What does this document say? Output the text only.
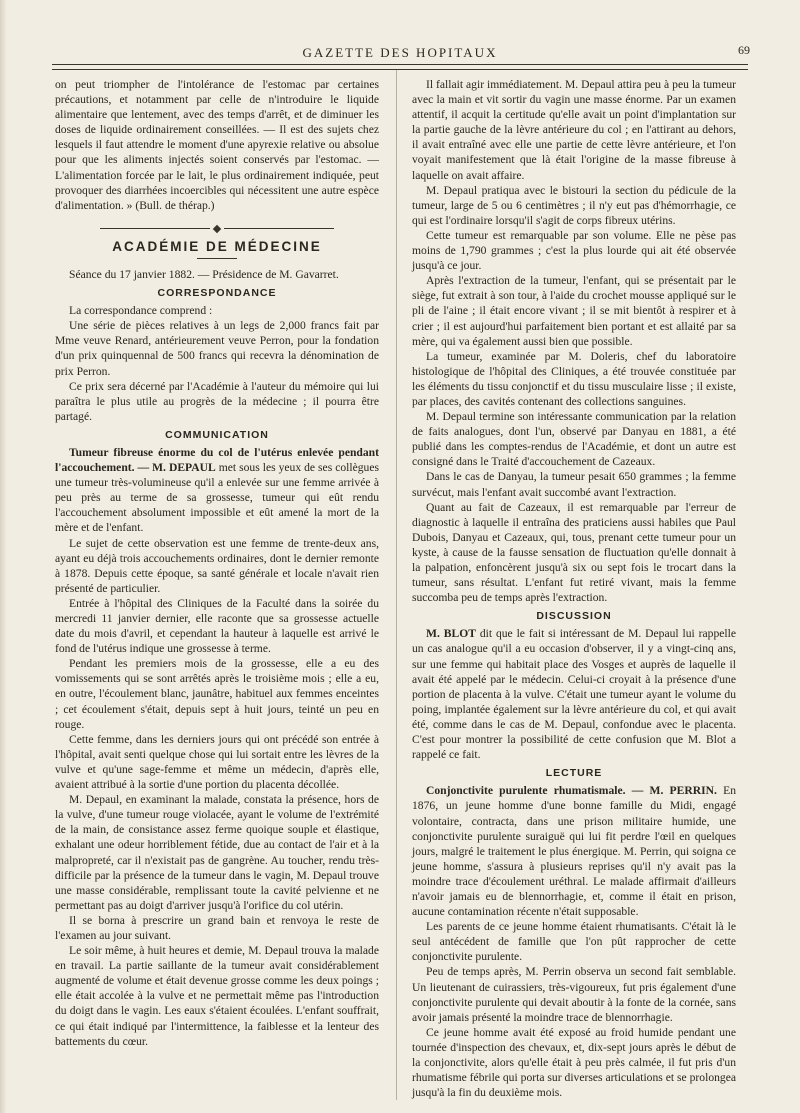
GAZETTE DES HOPITAUX	69

on peut triompher de l'intolérance de l'estomac par certaines précautions, et notamment par celle de n'introduire le liquide alimentaire que lentement, avec des temps d'arrêt, et de diminuer les doses de liquide ordinairement conseillées. — Il est des sujets chez lesquels il faut attendre le moment d'une apyrexie relative ou absolue pour que les aliments injectés soient conservés par l'estomac. — L'alimentation forcée par le lait, le plus ordinairement indiquée, peut provoquer des diarrhées incoercibles qui nécessitent une autre espèce d'alimentation. » (Bull. de thérap.)

ACADÉMIE DE MÉDECINE

Séance du 17 janvier 1882. — Présidence de M. Gavarret.

CORRESPONDANCE

La correspondance comprend :

Une série de pièces relatives à un legs de 2,000 francs fait par Mme veuve Renard, antérieurement veuve Perron, pour la fondation d'un prix quinquennal de 500 francs qui recevra la dénomination de prix Perron.

Ce prix sera décerné par l'Académie à l'auteur du mémoire qui lui paraîtra le plus utile au progrès de la médecine ; il pourra être partagé.

COMMUNICATION

Tumeur fibreuse énorme du col de l'utérus enlevée pendant l'accouchement. — M. DEPAUL met sous les yeux de ses collègues une tumeur très-volumineuse qu'il a enlevée sur une femme arrivée à peu près au terme de sa grossesse, tumeur qui eût rendu l'accouchement absolument impossible et eût amené la mort de la mère et de l'enfant.

Le sujet de cette observation est une femme de trente-deux ans, ayant eu déjà trois accouchements ordinaires, dont le dernier remonte à 1878. Depuis cette époque, sa santé générale et locale n'avait rien présenté de particulier.

Entrée à l'hôpital des Cliniques de la Faculté dans la soirée du mercredi 11 janvier dernier, elle raconte que sa grossesse actuelle date du mois d'avril, et cependant la hauteur à laquelle est arrivé le fond de l'utérus indique une grossesse à terme.

Pendant les premiers mois de la grossesse, elle a eu des vomissements qui se sont arrêtés après le troisième mois ; elle a eu, en outre, l'écoulement blanc, jaunâtre, habituel aux femmes enceintes ; cet écoulement s'était, depuis sept à huit jours, teinté un peu en rouge.

Cette femme, dans les derniers jours qui ont précédé son entrée à l'hôpital, avait senti quelque chose qui lui sortait entre les lèvres de la vulve et qu'une sage-femme et même un médecin, d'après elle, avaient attribué à la sortie d'une portion du placenta décollée.

M. Depaul, en examinant la malade, constata la présence, hors de la vulve, d'une tumeur rouge violacée, ayant le volume de l'extrémité de la main, de consistance assez ferme quoique souple et élastique, exhalant une odeur horriblement fétide, due au contact de l'air et à la malpropreté, car il n'existait pas de gangrène. Au toucher, rendu très-difficile par la présence de la tumeur dans le vagin, M. Depaul trouve une masse considérable, remplissant toute la cavité pelvienne et ne permettant pas au doigt d'arriver jusqu'à l'orifice du col utérin.

Il se borna à prescrire un grand bain et renvoya le reste de l'examen au jour suivant.

Le soir même, à huit heures et demie, M. Depaul trouva la malade en travail. La partie saillante de la tumeur avait considérablement augmenté de volume et était devenue grosse comme les deux poings ; elle était accolée à la vulve et ne permettait même pas l'introduction du doigt dans le vagin. Les eaux s'étaient écoulées. L'enfant souffrait, ce qui était indiqué par l'intermittence, la faiblesse et la lenteur des battements du cœur.

Il fallait agir immédiatement. M. Depaul attira peu à peu la tumeur avec la main et vit sortir du vagin une masse énorme. Par un examen attentif, il acquit la certitude qu'elle avait un point d'implantation sur la partie gauche de la lèvre antérieure du col ; en l'attirant au dehors, il avait entraîné avec elle une partie de cette lèvre antérieure, et l'on voyait manifestement que là était l'origine de la masse fibreuse à laquelle on avait affaire.

M. Depaul pratiqua avec le bistouri la section du pédicule de la tumeur, large de 5 ou 6 centimètres ; il n'y eut pas d'hémorrhagie, ce qui est l'ordinaire lorsqu'il s'agit de corps fibreux utérins.

Cette tumeur est remarquable par son volume. Elle ne pèse pas moins de 1,790 grammes ; c'est la plus lourde qui ait été observée jusqu'à ce jour.

Après l'extraction de la tumeur, l'enfant, qui se présentait par le siège, fut extrait à son tour, à l'aide du crochet mousse appliqué sur le pli de l'aine ; il était encore vivant ; il se mit bientôt à respirer et à crier ; il est aujourd'hui parfaitement bien portant et est allaité par sa mère, qui va également aussi bien que possible.

La tumeur, examinée par M. Doleris, chef du laboratoire histologique de l'hôpital des Cliniques, a été trouvée constituée par les éléments du tissu conjonctif et du tissu musculaire lisse ; il existe, par places, des cavités contenant des collections sanguines.

M. Depaul termine son intéressante communication par la relation de faits analogues, dont l'un, observé par Danyau en 1881, a été publié dans les comptes-rendus de l'Académie, et dont un autre est consigné dans le Traité d'accouchement de Cazeaux.

Dans le cas de Danyau, la tumeur pesait 650 grammes ; la femme survécut, mais l'enfant avait succombé avant l'extraction.

Quant au fait de Cazeaux, il est remarquable par l'erreur de diagnostic à laquelle il entraîna des praticiens aussi habiles que Paul Dubois, Danyau et Cazeaux, qui, tous, prenant cette tumeur pour un kyste, à cause de la fausse sensation de fluctuation qu'elle donnait à la palpation, enfoncèrent jusqu'à six ou sept fois le trocart dans la tumeur, sans résultat. L'enfant fut retiré vivant, mais la femme succomba peu de temps après l'extraction.

DISCUSSION

M. BLOT dit que le fait si intéressant de M. Depaul lui rappelle un cas analogue qu'il a eu occasion d'observer, il y a vingt-cinq ans, sur une femme qui habitait place des Vosges et auprès de laquelle il avait été appelé par le médecin. Celui-ci croyait à la présence d'une portion de placenta à la vulve. C'était une tumeur ayant le volume du poing, implantée également sur la lèvre antérieure du col, et qui avait été, comme dans le cas de M. Depaul, confondue avec le placenta. C'est pour montrer la possibilité de cette confusion que M. Blot a rappelé ce fait.

LECTURE

Conjonctivite purulente rhumatismale. — M. PERRIN. En 1876, un jeune homme d'une bonne famille du Midi, engagé volontaire, contracta, dans une prison militaire humide, une conjonctivite purulente suraiguë qui lui fit perdre l'œil en quelques jours, malgré le traitement le plus énergique. M. Perrin, qui soigna ce jeune homme, s'assura à plusieurs reprises qu'il n'y avait pas la moindre trace d'écoulement uréthral. Le malade affirmait d'ailleurs n'avoir jamais eu de blennorrhagie, et, comme il était en prison, aucune contamination récente n'était supposable.

Les parents de ce jeune homme étaient rhumatisants. C'était là le seul antécédent de famille que l'on pût rapprocher de cette conjonctivite purulente.

Peu de temps après, M. Perrin observa un second fait semblable. Un lieutenant de cuirassiers, très-vigoureux, fut pris également d'une conjonctivite purulente qui devait aboutir à la fonte de la cornée, sans avoir jamais présenté la moindre trace de blennorrhagie.

Ce jeune homme avait été exposé au froid humide pendant une tournée d'inspection des chevaux, et, dix-sept jours après le début de la conjonctivite, alors qu'elle était à peu près calmée, il fut pris d'un rhumatisme fébrile qui porta sur diverses articulations et se prolongea jusqu'à la fin du deuxième mois.
